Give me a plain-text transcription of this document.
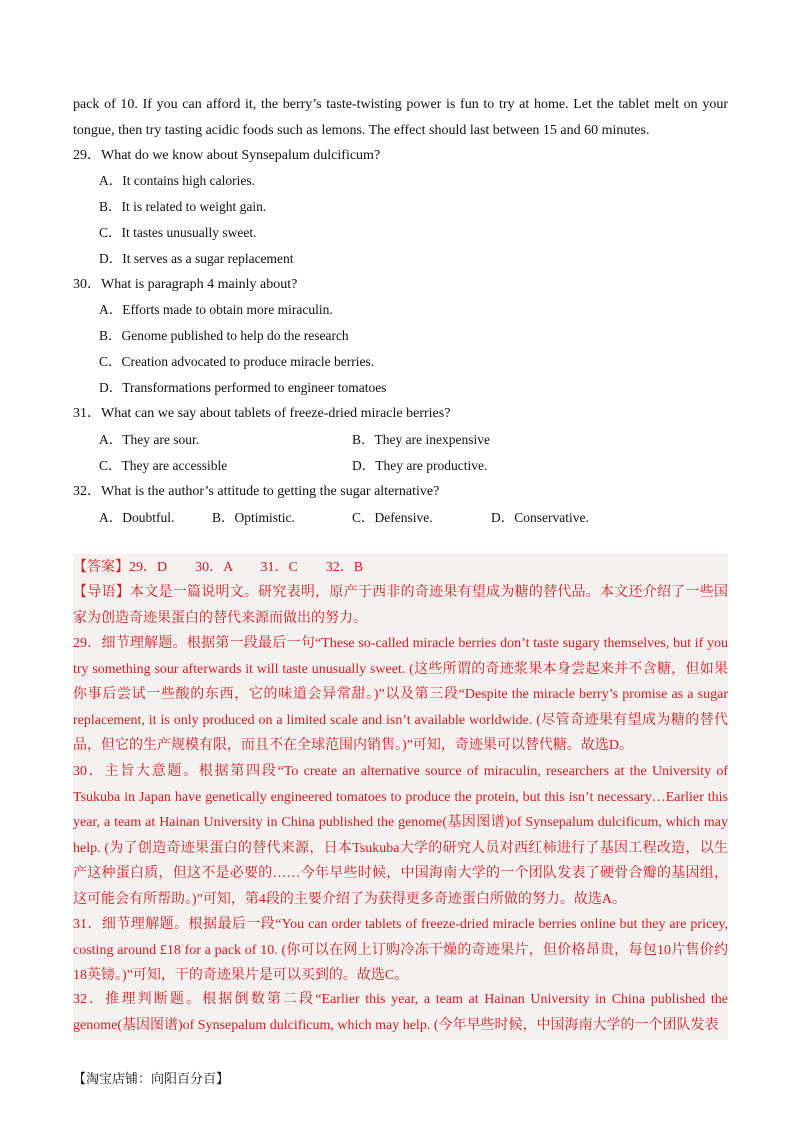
pack of 10. If you can afford it, the berry’s taste-twisting power is fun to try at home. Let the tablet melt on your tongue, then try tasting acidic foods such as lemons. The effect should last between 15 and 60 minutes.
29．What do we know about Synsepalum dulcificum?
A．It contains high calories.
B．It is related to weight gain.
C．It tastes unusually sweet.
D．It serves as a sugar replacement
30．What is paragraph 4 mainly about?
A．Efforts made to obtain more miraculin.
B．Genome published to help do the research
C．Creation advocated to produce miracle berries.
D．Transformations performed to engineer tomatoes
31．What can we say about tablets of freeze-dried miracle berries?
A．They are sour.	B．They are inexpensive
C．They are accessible	D．They are productive.
32．What is the author’s attitude to getting the sugar alternative?
A．Doubtful.	B．Optimistic.	C．Defensive.	D．Conservative.
【答案】29．D　　30．A　　31．C　　32．B
【导语】本文是一篇说明文。研究表明，原产于西非的奇迹果有望成为糖的替代品。本文还介绍了一些国家为创造奇迹果蛋白的替代来源而做出的努力。
29．细节理解题。根据第一段最后一句“These so-called miracle berries don’t taste sugary themselves, but if you try something sour afterwards it will taste unusually sweet. (这些所谓的奇迹浆果本身尝起来并不含糖，但如果你事后尝试一些酸的东西，它的味道会异常甜。)”以及第三段“Despite the miracle berry’s promise as a sugar replacement, it is only produced on a limited scale and isn’t available worldwide. (尽管奇迹果有望成为糖的替代品，但它的生产规模有限，而且不在全球范围内销售。)”可知，奇迹果可以替代糖。故选D。
30．主旨大意题。根据第四段“To create an alternative source of miraculin, researchers at the University of Tsukuba in Japan have genetically engineered tomatoes to produce the protein, but this isn’t necessary…Earlier this year, a team at Hainan University in China published the genome(基因图谱)of Synsepalum dulcificum, which may help. (为了创造奇迹果蛋白的替代来源，日本Tsukuba大学的研究人员对西红柿进行了基因工程改造，以生产这种蛋白质，但这不是必要的……今年早些时候，中国海南大学的一个团队发表了硬骨合瓣的基因组，这可能会有所帮助。)”可知，第4段的主要介绍了为获得更多奇迹蛋白所做的努力。故选A。
31．细节理解题。根据最后一段“You can order tablets of freeze-dried miracle berries online but they are pricey, costing around £18 for a pack of 10. (你可以在网上订购冷冻干燥的奇迹果片，但价格昂贵，每包10片售价约18英镑。)”可知，干的奇迹果片是可以买到的。故选C。
32．推理判断题。根据倒数第二段“Earlier this year, a team at Hainan University in China published the genome(基因图谱)of Synsepalum dulcificum, which may help. (今年早些时候，中国海南大学的一个团队发表
【淘宝店铺：向阳百分百】
